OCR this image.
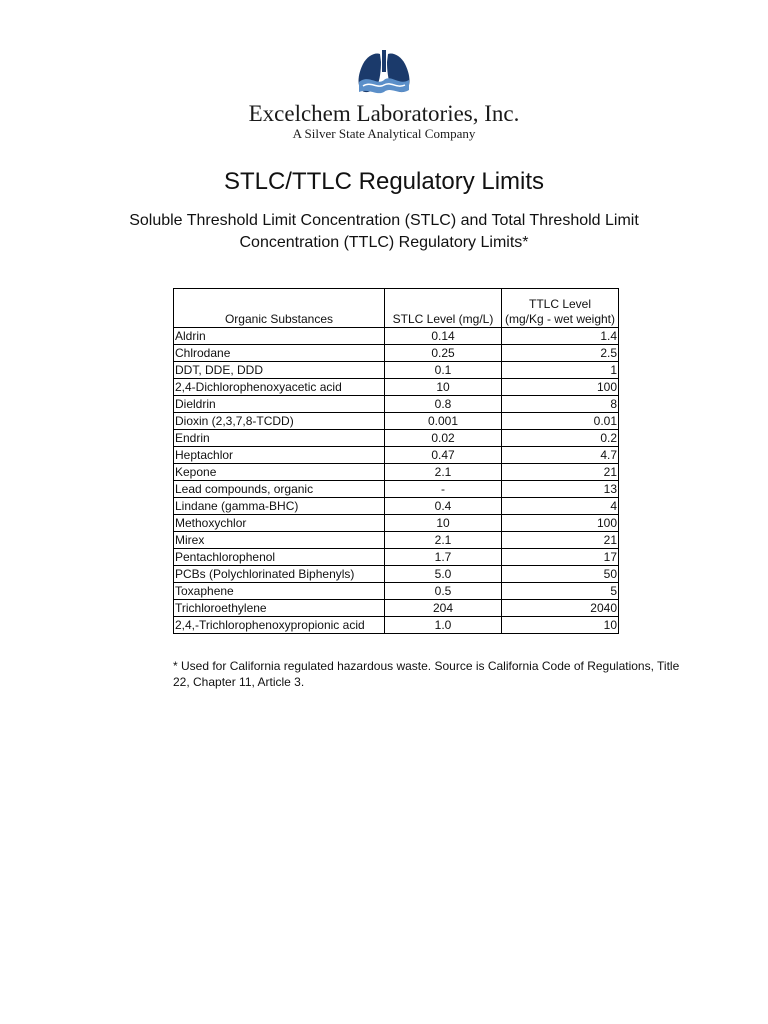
Excelchem Laboratories, Inc.
A Silver State Analytical Company
STLC/TTLC Regulatory Limits
Soluble Threshold Limit Concentration (STLC) and Total Threshold Limit Concentration (TTLC) Regulatory Limits*
Organic Substances	STLC Level (mg/L)	TTLC Level
(mg/Kg - wet weight)

Aldrin	0.14	1.4
Chlrodane	0.25	2.5
DDT, DDE, DDD	0.1	1
2,4-Dichlorophenoxyacetic acid	10	100
Dieldrin	0.8	8
Dioxin (2,3,7,8-TCDD)	0.001	0.01
Endrin	0.02	0.2
Heptachlor	0.47	4.7
Kepone	2.1	21
Lead compounds, organic	-	13
Lindane (gamma-BHC)	0.4	4
Methoxychlor	10	100
Mirex	2.1	21
Pentachlorophenol	1.7	17
PCBs (Polychlorinated Biphenyls)	5.0	50
Toxaphene	0.5	5
Trichloroethylene	204	2040
2,4,-Trichlorophenoxypropionic acid	1.0	10
* Used for California regulated hazardous waste. Source is California Code of Regulations, Title 22, Chapter 11, Article 3.
